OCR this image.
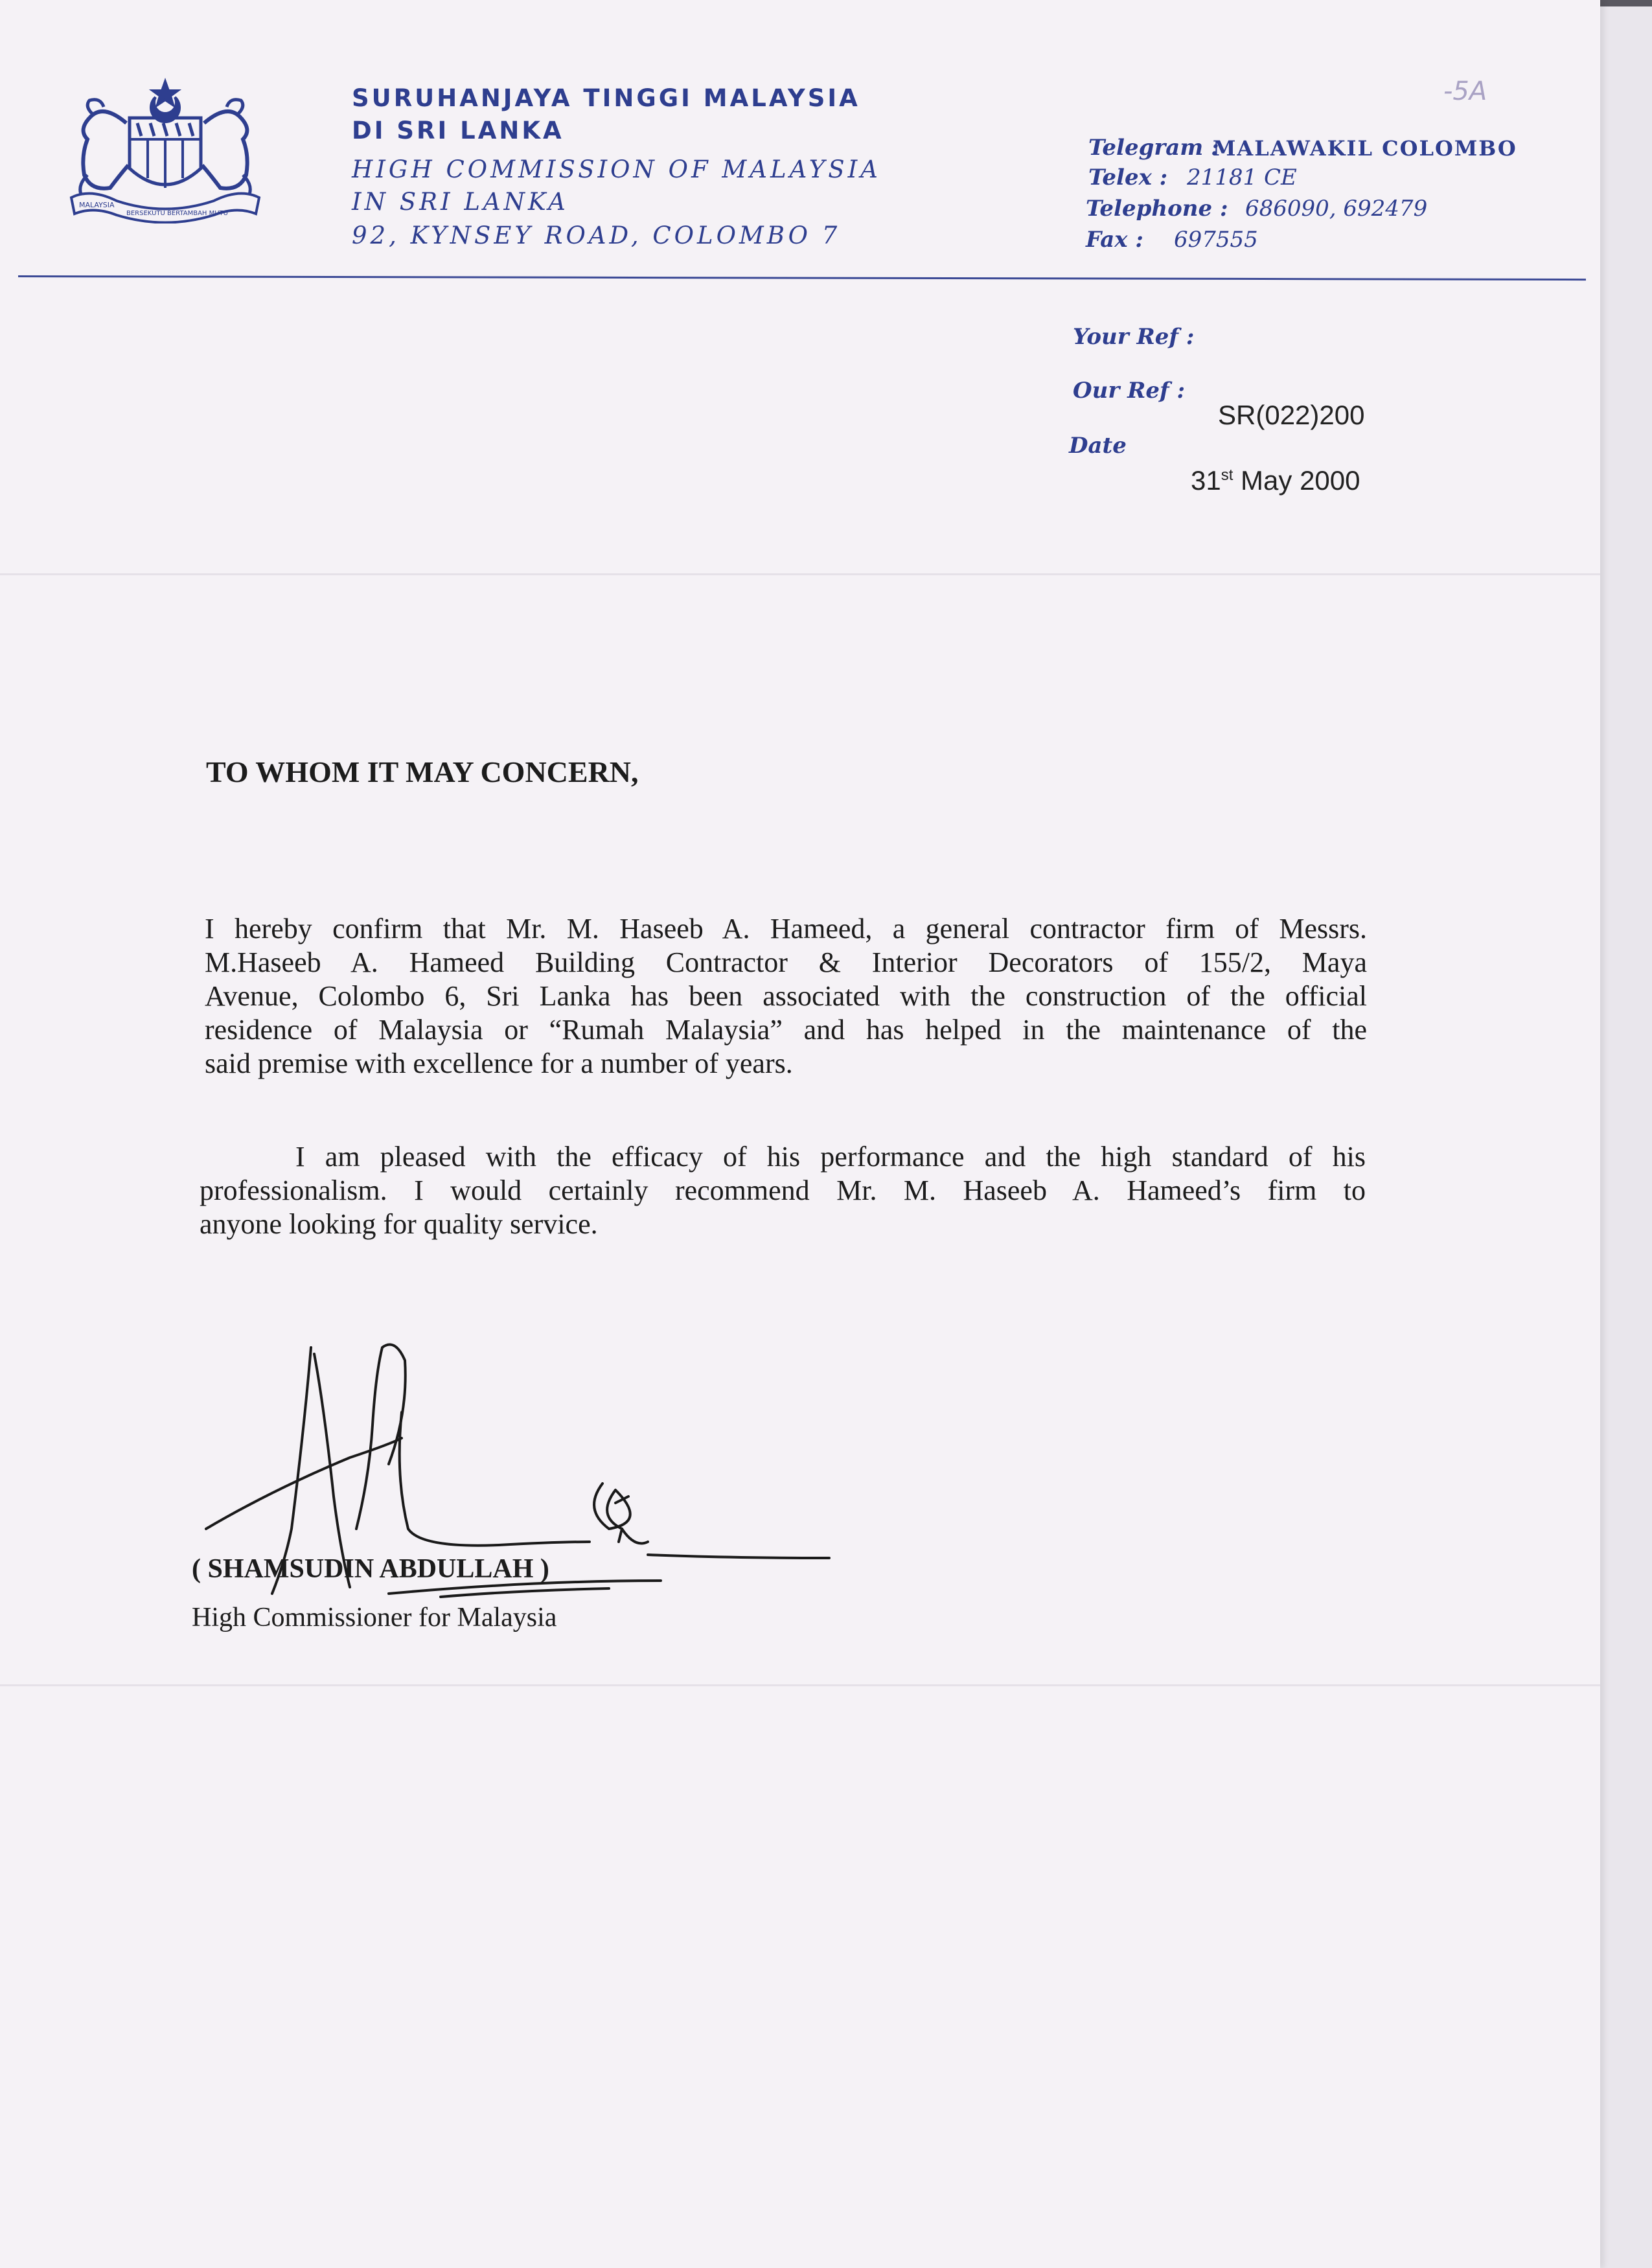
MALAYSIA
BERSEKUTU BERTAMBAH MUTU
SURUHANJAYA TINGGI MALAYSIA
DI SRI LANKA
HIGH COMMISSION OF MALAYSIA
IN SRI LANKA
92, KYNSEY ROAD, COLOMBO 7
Telegram :
MALAWAKIL COLOMBO
Telex : 21181 CE
Telephone : 686090, 692479
Fax : 697555
-5A
Your Ref :
Our Ref :
SR(022)200
Date
31st May 2000
TO WHOM IT MAY CONCERN,
I hereby confirm that Mr. M. Haseeb A. Hameed, a general contractor firm of Messrs.
M.Haseeb A. Hameed Building Contractor & Interior Decorators of 155/2, Maya
Avenue, Colombo 6, Sri Lanka has been associated with the construction of the official
residence of Malaysia or “Rumah Malaysia” and has helped in the maintenance of the
said premise with excellence for a number of years.
I am pleased with the efficacy of his performance and the high standard of his
professionalism. I would certainly recommend Mr. M. Haseeb A. Hameed’s firm to
anyone looking for quality service.
( SHAMSUDIN ABDULLAH )
High Commissioner for Malaysia
